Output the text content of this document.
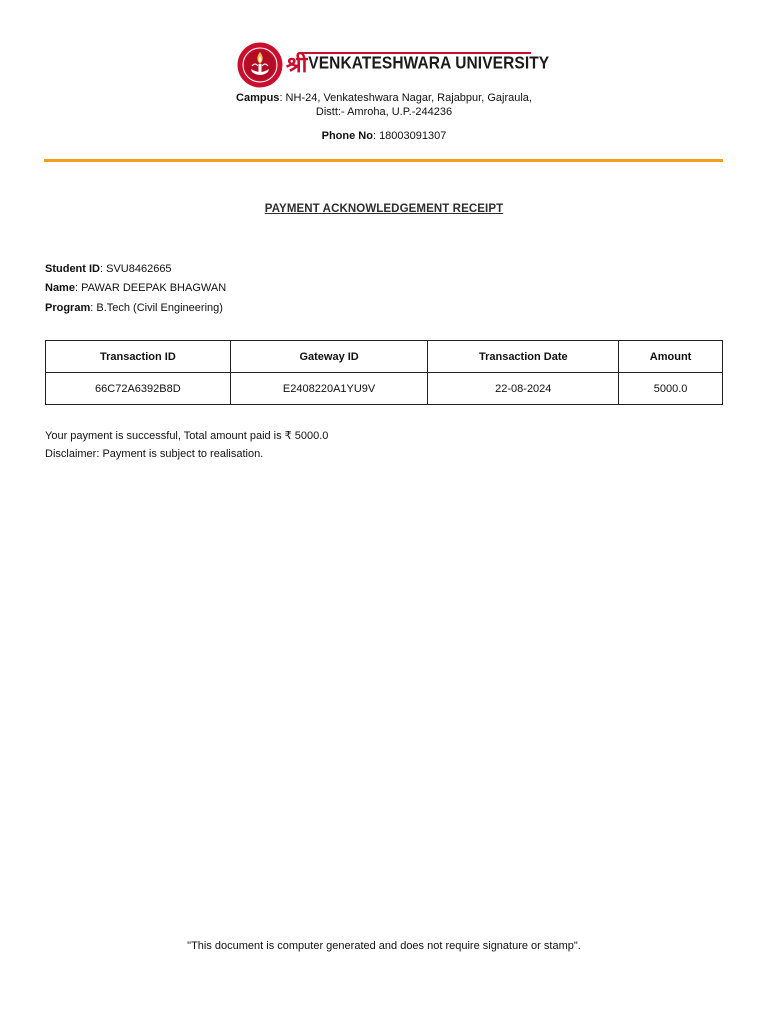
श्री VENKATESHWARA UNIVERSITY
Campus: NH-24, Venkateshwara Nagar, Rajabpur, Gajraula,
Distt:- Amroha, U.P.-244236
Phone No: 18003091307
PAYMENT ACKNOWLEDGEMENT RECEIPT
Student ID: SVU8462665
Name: PAWAR DEEPAK BHAGWAN
Program: B.Tech (Civil Engineering)
Transaction ID	Gateway ID	Transaction Date	Amount
66C72A6392B8D	E2408220A1YU9V	22-08-2024	5000.0
Your payment is successful, Total amount paid is ₹ 5000.0
Disclaimer: Payment is subject to realisation.
"This document is computer generated and does not require signature or stamp".
